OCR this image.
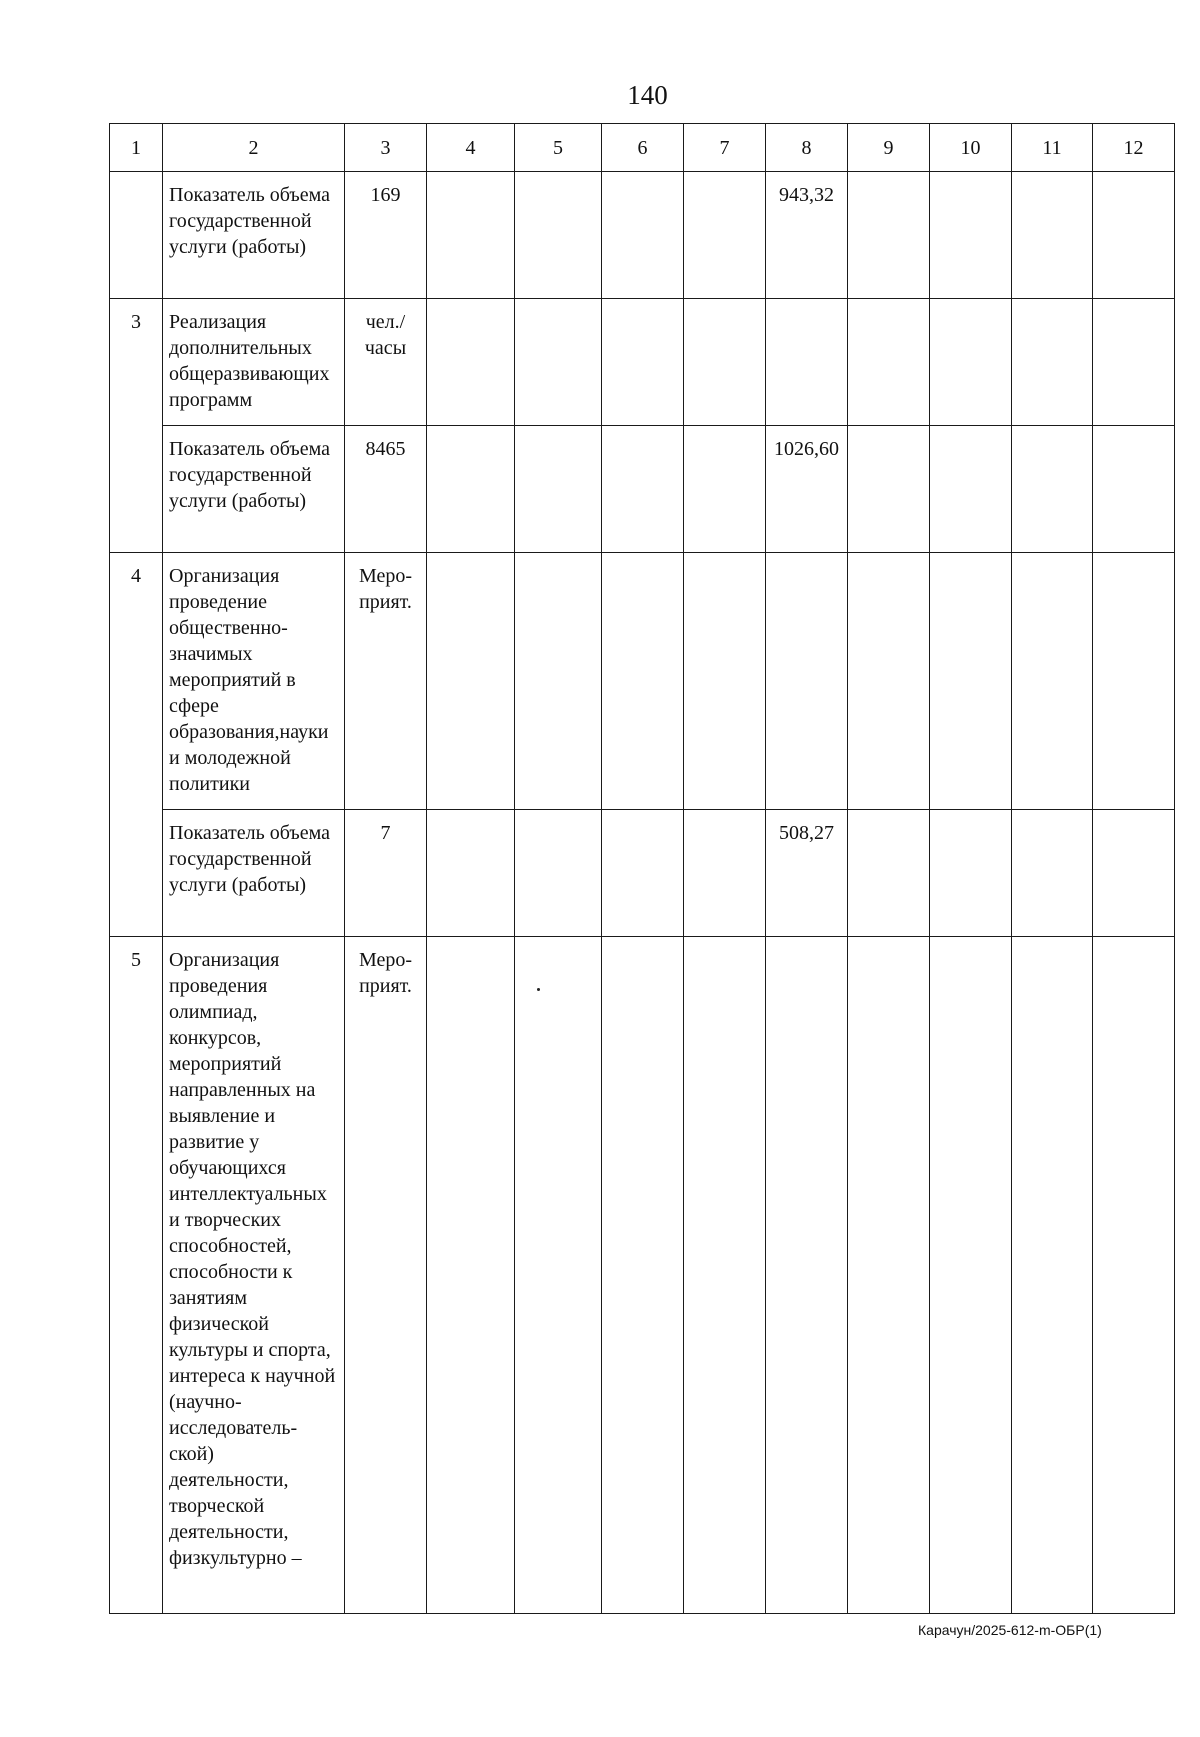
140
1	2	3	4	5	6	7	8	9	10	11	12
	Показатель объема государственной услуги (работы)	169					943,32				
3	Реализация дополнительных общеразвивающих программ	чел./ часы									
	Показатель объема государственной услуги (работы)	8465					1026,60				
4	Организация проведение общественно-значимых мероприятий в сфере образования,науки и молодежной политики	Меро-прият.									
	Показатель объема государственной услуги (работы)	7					508,27				
5	Организация проведения олимпиад, конкурсов, мероприятий направленных на выявление и развитие у обучающихся интеллектуальных и творческих способностей, способности к занятиям физической культуры и спорта, интереса к научной (научно-исследователь-ской) деятельности, творческой деятельности, физкультурно –	Меро-прият.									
Карачун/2025-612-m-ОБР(1)
